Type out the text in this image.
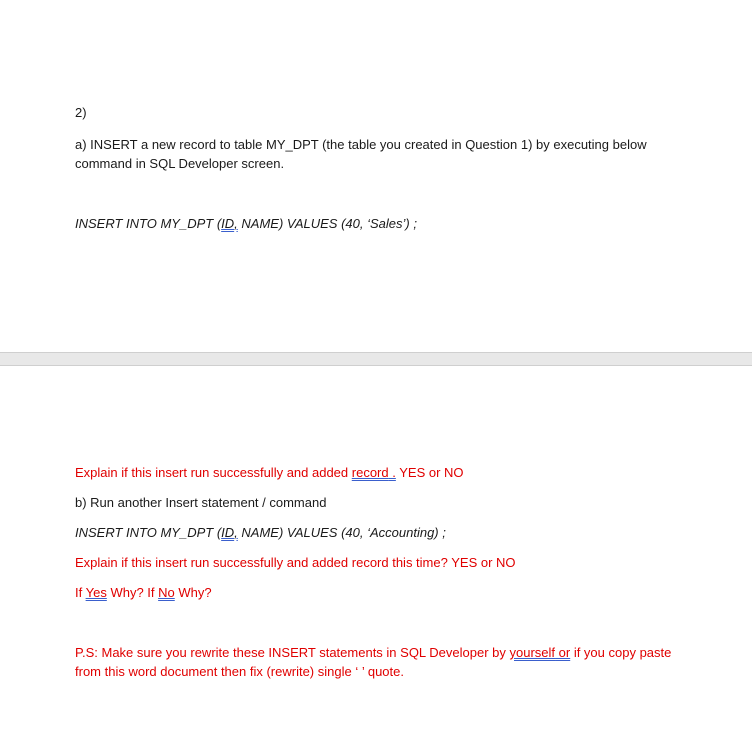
2)
a) INSERT a new record to table MY_DPT (the table you created in Question 1) by executing below
command in SQL Developer screen.
INSERT INTO MY_DPT (ID, NAME) VALUES (40, ‘Sales’) ;
Explain if this insert run successfully and added record . YES or NO
b) Run another Insert statement / command
INSERT INTO MY_DPT (ID, NAME) VALUES (40, ‘Accounting) ;
Explain if this insert run successfully and added record this time? YES or NO
If Yes Why? If No Why?
P.S: Make sure you rewrite these INSERT statements in SQL Developer by yourself or if you copy paste
from this word document then fix (rewrite) single ‘ ’ quote.
